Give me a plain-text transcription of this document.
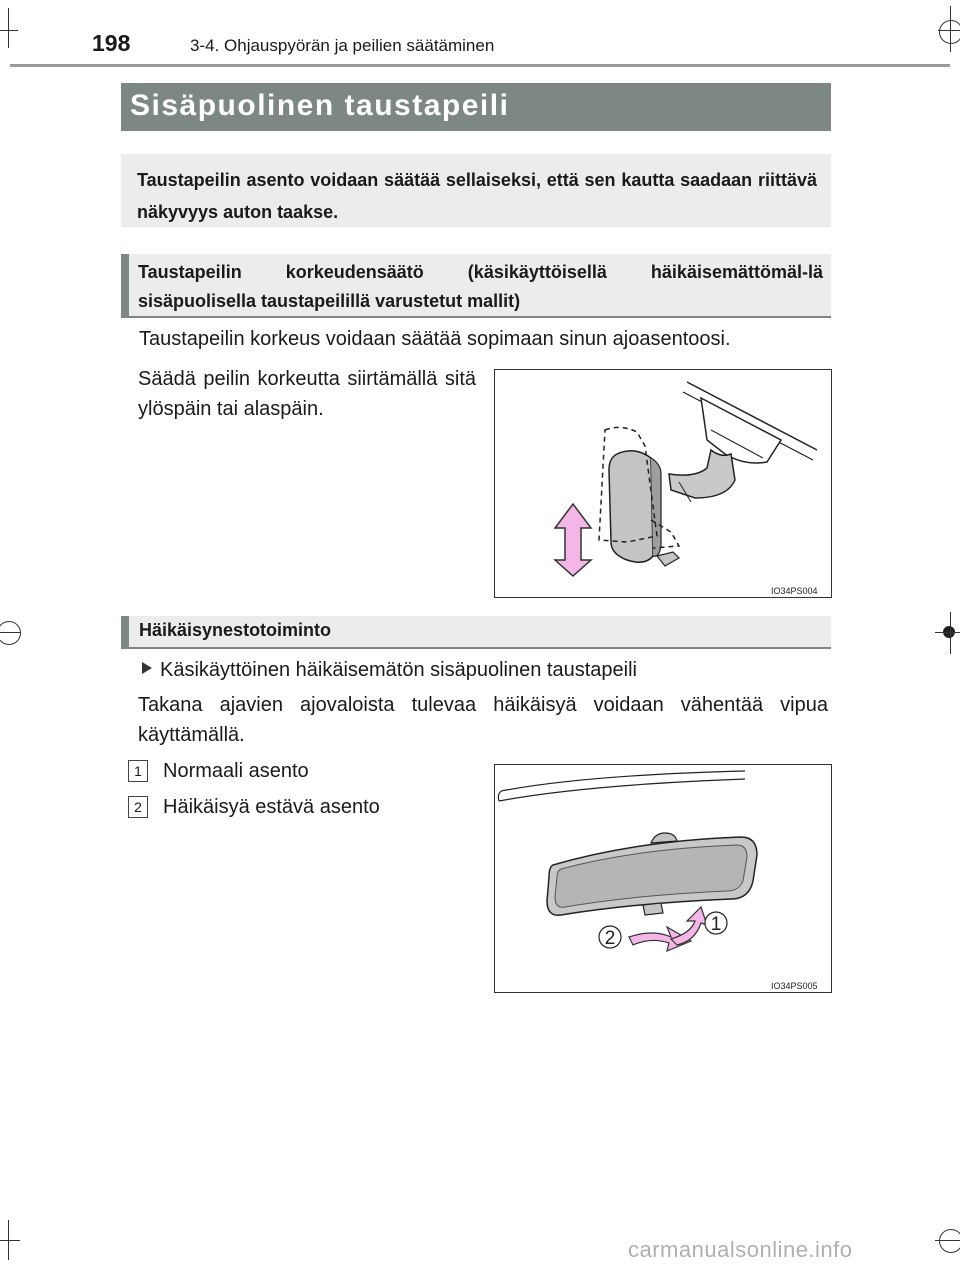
198	3-4. Ohjauspyörän ja peilien säätäminen
Sisäpuolinen taustapeili
Taustapeilin asento voidaan säätää sellaiseksi, että sen kautta saadaan riittävä näkyvyys auton taakse.
Taustapeilin korkeudensäätö (käsikäyttöisellä häikäisemättömäl-lä sisäpuolisella taustapeilillä varustetut mallit)
Taustapeilin korkeus voidaan säätää sopimaan sinun ajoasentoosi.
Säädä peilin korkeutta siirtämällä sitä ylöspäin tai alaspäin.
IO34PS004
Häikäisynestotoiminto
Käsikäyttöinen häikäisemätön sisäpuolinen taustapeili
Takana ajavien ajovaloista tulevaa häikäisyä voidaan vähentää vipua käyttämällä.
1	Normaali asento
2	Häikäisyä estävä asento
1
2
IO34PS005
carmanualsonline.info
